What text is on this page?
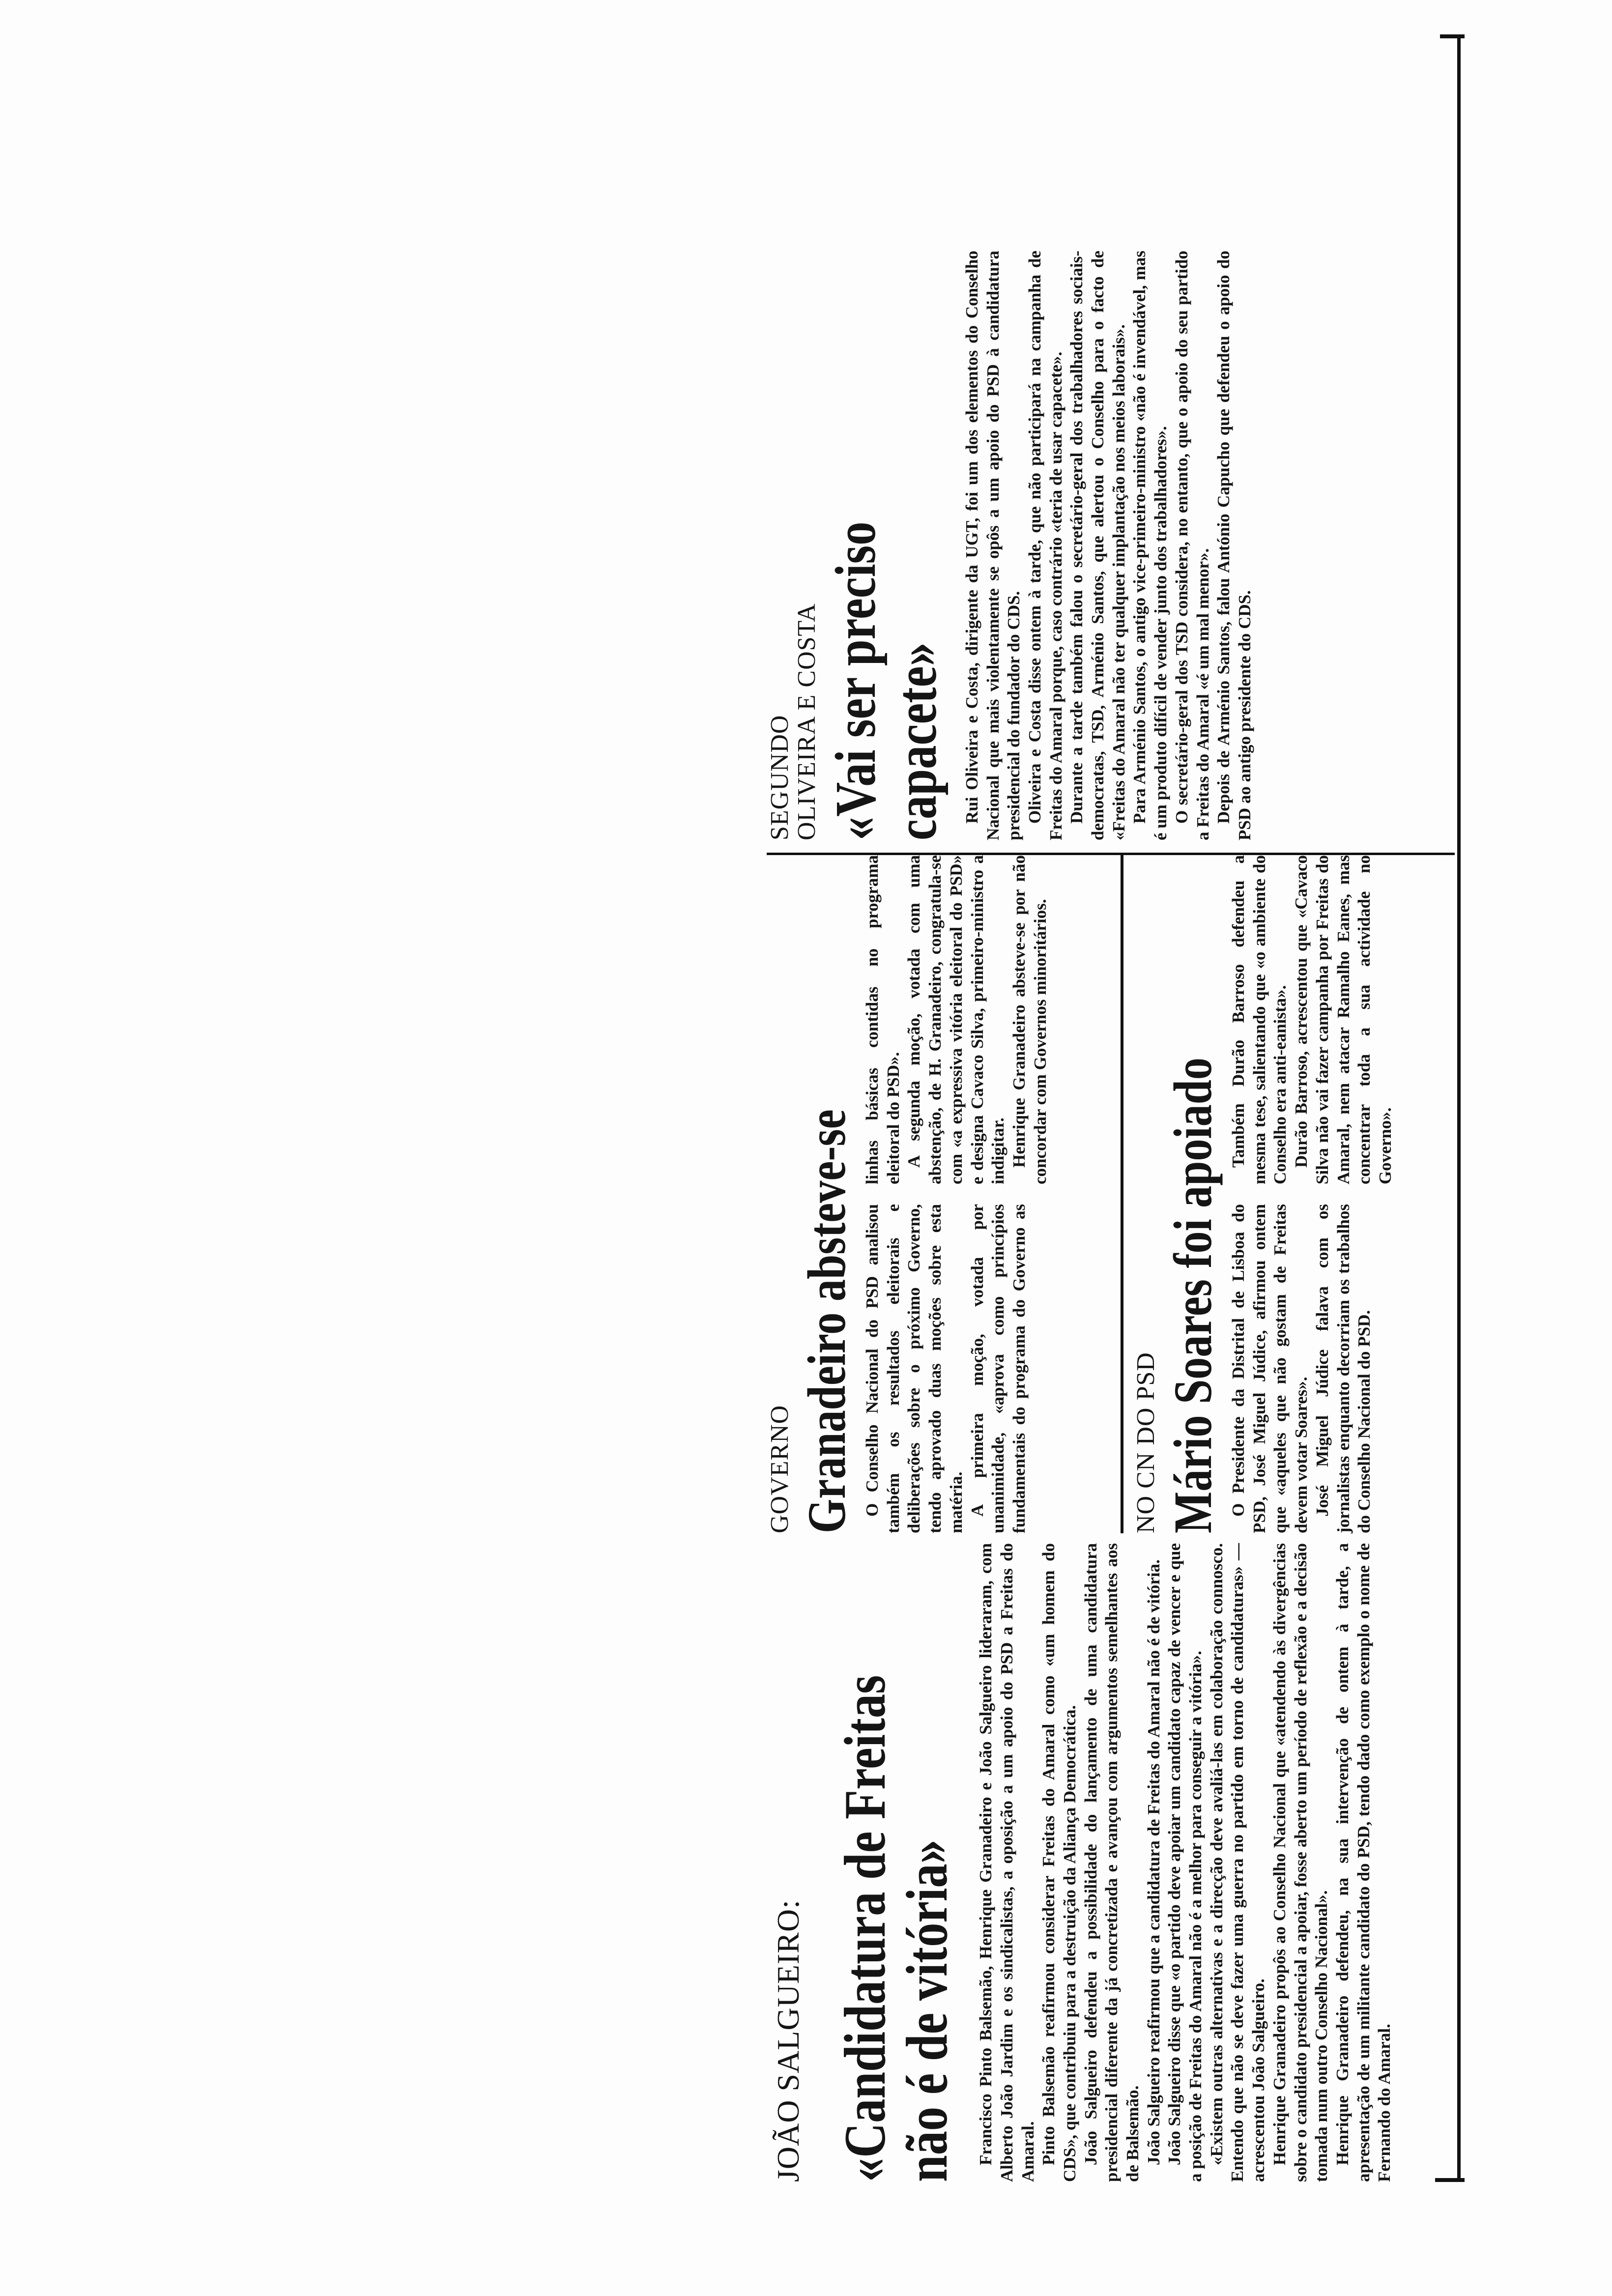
JOÃO SALGUEIRO: «Candidatura de Freitas
não é de vitória» Francisco Pinto Balsemão, Henrique Granadeiro e João Salgueiro lideraram, com Alberto João Jardim e os sindicalistas, a oposição a um apoio do PSD a Freitas do Amaral. Pinto Balsemão reafirmou considerar Freitas do Amaral como «um homem do CDS», que contribuiu para a destruição da Aliança Democrática. João Salgueiro defendeu a possibilidade do lançamento de uma candidatura presidencial diferente da já concretizada e avançou com argumentos semelhantes aos de Balsemão. João Salgueiro reafirmou que a candidatura de Freitas do Amaral não é de vitória. João Salgueiro disse que «o partido deve apoiar um candidato capaz de vencer e que a posição de Freitas do Amaral não é a melhor para conseguir a vitória». «Existem outras alternativas e a direcção deve avaliá-las em colaboração connosco. Entendo que não se deve fazer uma guerra no partido em torno de candidaturas» — acrescentou João Salgueiro. Henrique Granadeiro propôs ao Conselho Nacional que «atendendo às divergências sobre o candidato presidencial a apoiar, fosse aberto um período de reflexão e a decisão tomada num outro Conselho Nacional». Henrique Granadeiro defendeu, na sua intervenção de ontem à tarde, a apresentação de um militante candidato do PSD, tendo dado como exemplo o nome de Fernando do Amaral.

GOVERNO Granadeiro absteve-se O Conselho Nacional do PSD analisou também os resultados eleitorais e deliberações sobre o próximo Governo, tendo aprovado duas moções sobre esta matéria. A primeira moção, votada por unanimidade, «aprova como princípios fundamentais do programa do Governo as linhas básicas contidas no programa eleitoral do PSD». A segunda moção, votada com uma abstenção, de H. Granadeiro, congratula-se com «a expressiva vitória eleitoral do PSD» e designa Cavaco Silva, primeiro-ministro a indigitar. Henrique Granadeiro absteve-se por não concordar com Governos minoritários.

NO CN DO PSD Mário Soares foi apoiado O Presidente da Distrital de Lisboa do PSD, José Miguel Júdice, afirmou ontem que «aqueles que não gostam de Freitas devem votar Soares». José Miguel Júdice falava com os jornalistas enquanto decorriam os trabalhos do Conselho Nacional do PSD.

Também Durão Barroso defendeu a mesma tese, salientando que «o ambiente do Conselho era anti-eanista». Durão Barroso, acrescentou que «Cavaco Silva não vai fazer campanha por Freitas do Amaral, nem atacar Ramalho Eanes, mas concentrar toda a sua actividade no Governo».

SEGUNDO
OLIVEIRA E COSTA «Vai ser preciso
capacete» Rui Oliveira e Costa, dirigente da UGT, foi um dos elementos do Conselho Nacional que mais violentamente se opôs a um apoio do PSD à candidatura presidencial do fundador do CDS. Oliveira e Costa disse ontem à tarde, que não participará na campanha de Freitas do Amaral porque, caso contrário «teria de usar capacete». Durante a tarde também falou o secretário-geral dos trabalhadores sociais-democratas, TSD, Arménio Santos, que alertou o Conselho para o facto de «Freitas do Amaral não ter qualquer implantação nos meios laborais». Para Arménio Santos, o antigo vice-primeiro-ministro «não é invendável, mas é um produto difícil de vender junto dos trabalhadores». O secretário-geral dos TSD considera, no entanto, que o apoio do seu partido a Freitas do Amaral «é um mal menor». Depois de Arménio Santos, falou António Capucho que defendeu o apoio do PSD ao antigo presidente do CDS.
